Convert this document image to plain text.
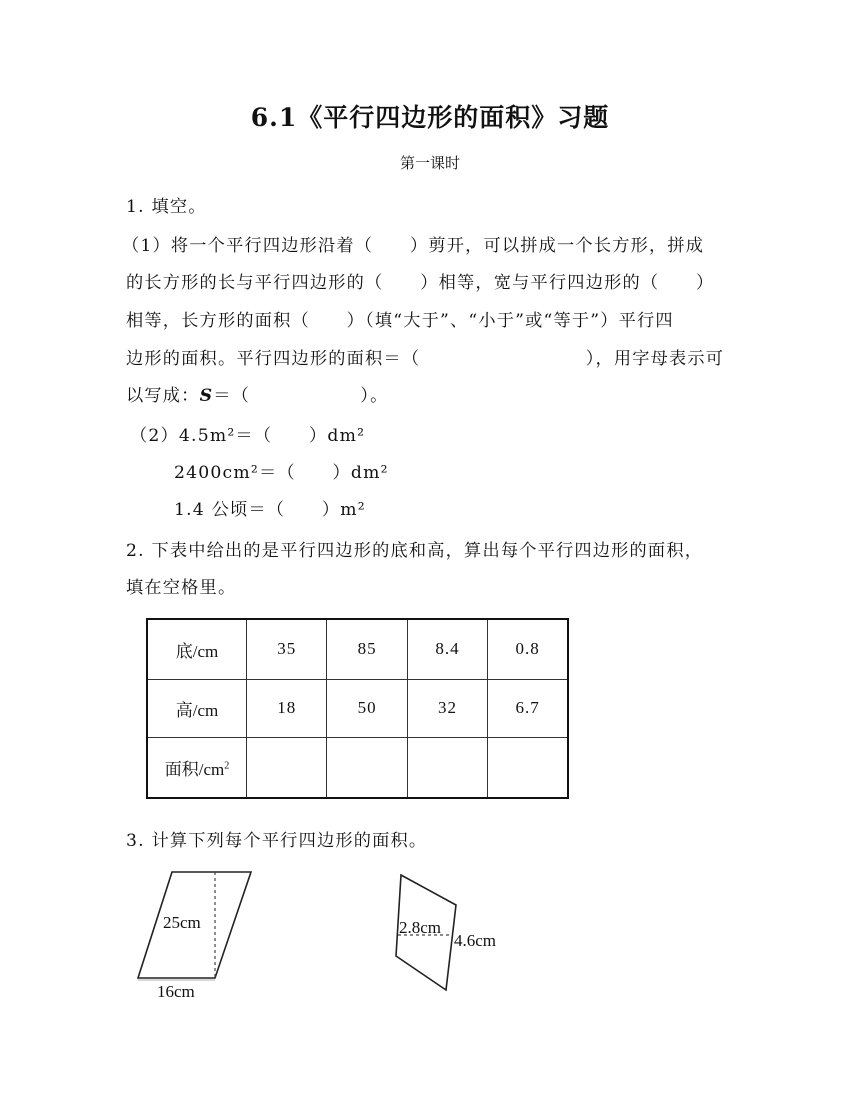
6.1《平行四边形的面积》习题
第一课时
1. 填空。
（1）将一个平行四边形沿着（　　）剪开，可以拼成一个长方形，拼成
的长方形的长与平行四边形的（　　）相等，宽与平行四边形的（　　）
相等，长方形的面积（　　）（填“大于”、“小于”或“等于”）平行四
边形的面积。平行四边形的面积＝（　　　　　　　　　），用字母表示可
以写成：S＝（　　　　　　）。
（2）4.5m²＝（　　）dm²
2400cm²＝（　　）dm²
1.4 公顷＝（　　）m²
2. 下表中给出的是平行四边形的底和高，算出每个平行四边形的面积，
填在空格里。
底/cm	35	85	8.4	0.8
高/cm	18	50	32	6.7
面积$/cm^2$				
3. 计算下列每个平行四边形的面积。
25cm
16cm
2.8cm
4.6cm
